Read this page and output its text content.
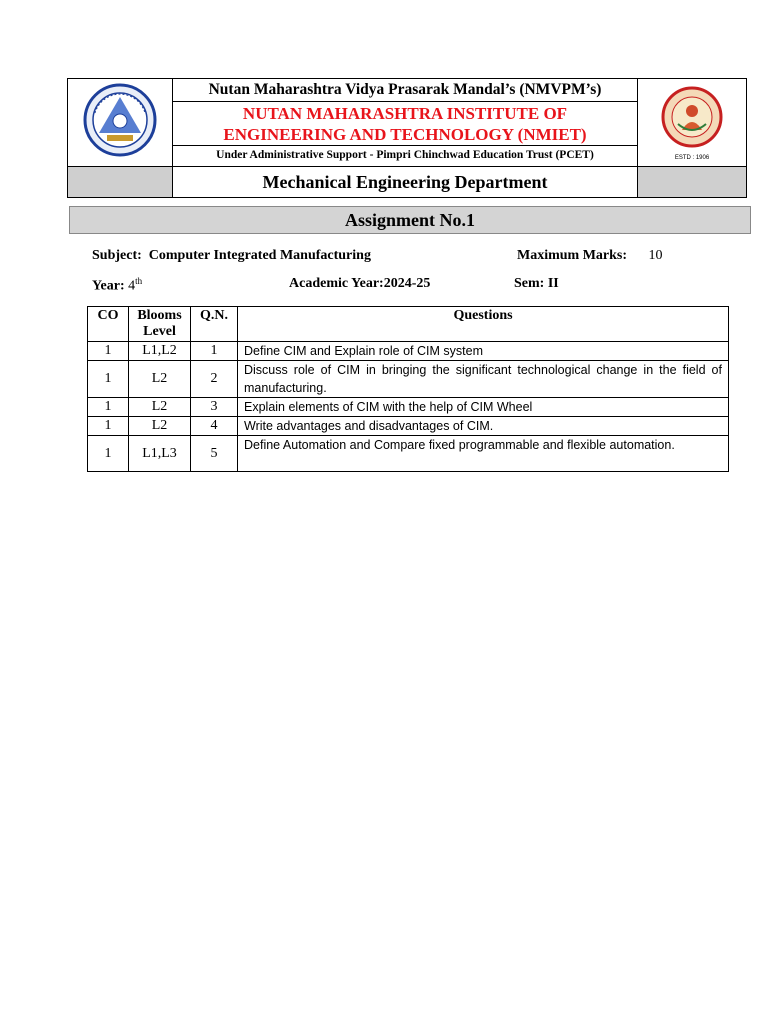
Nutan Maharashtra Vidya Prasarak Mandal’s (NMVPM’s)
NUTAN MAHARASHTRA INSTITUTE OF
ENGINEERING AND TECHNOLOGY (NMIET)
Under Administrative Support - Pimpri Chinchwad Education Trust (PCET)	ESTD : 1906

	Mechanical Engineering Department	
Assignment No.1
Subject: Computer Integrated Manufacturing	Maximum Marks: 10
Year: 4th	Academic Year:2024-25	Sem: II
CO	Blooms Level	Q.N.	Questions
1	L1,L2	1	Define CIM and Explain role of CIM system
1	L2	2	Discuss role of CIM in bringing the significant technological change in the field of manufacturing.
1	L2	3	Explain elements of CIM with the help of CIM Wheel
1	L2	4	Write advantages and disadvantages of CIM.
1	L1,L3	5	Define Automation and Compare fixed programmable and flexible automation.
